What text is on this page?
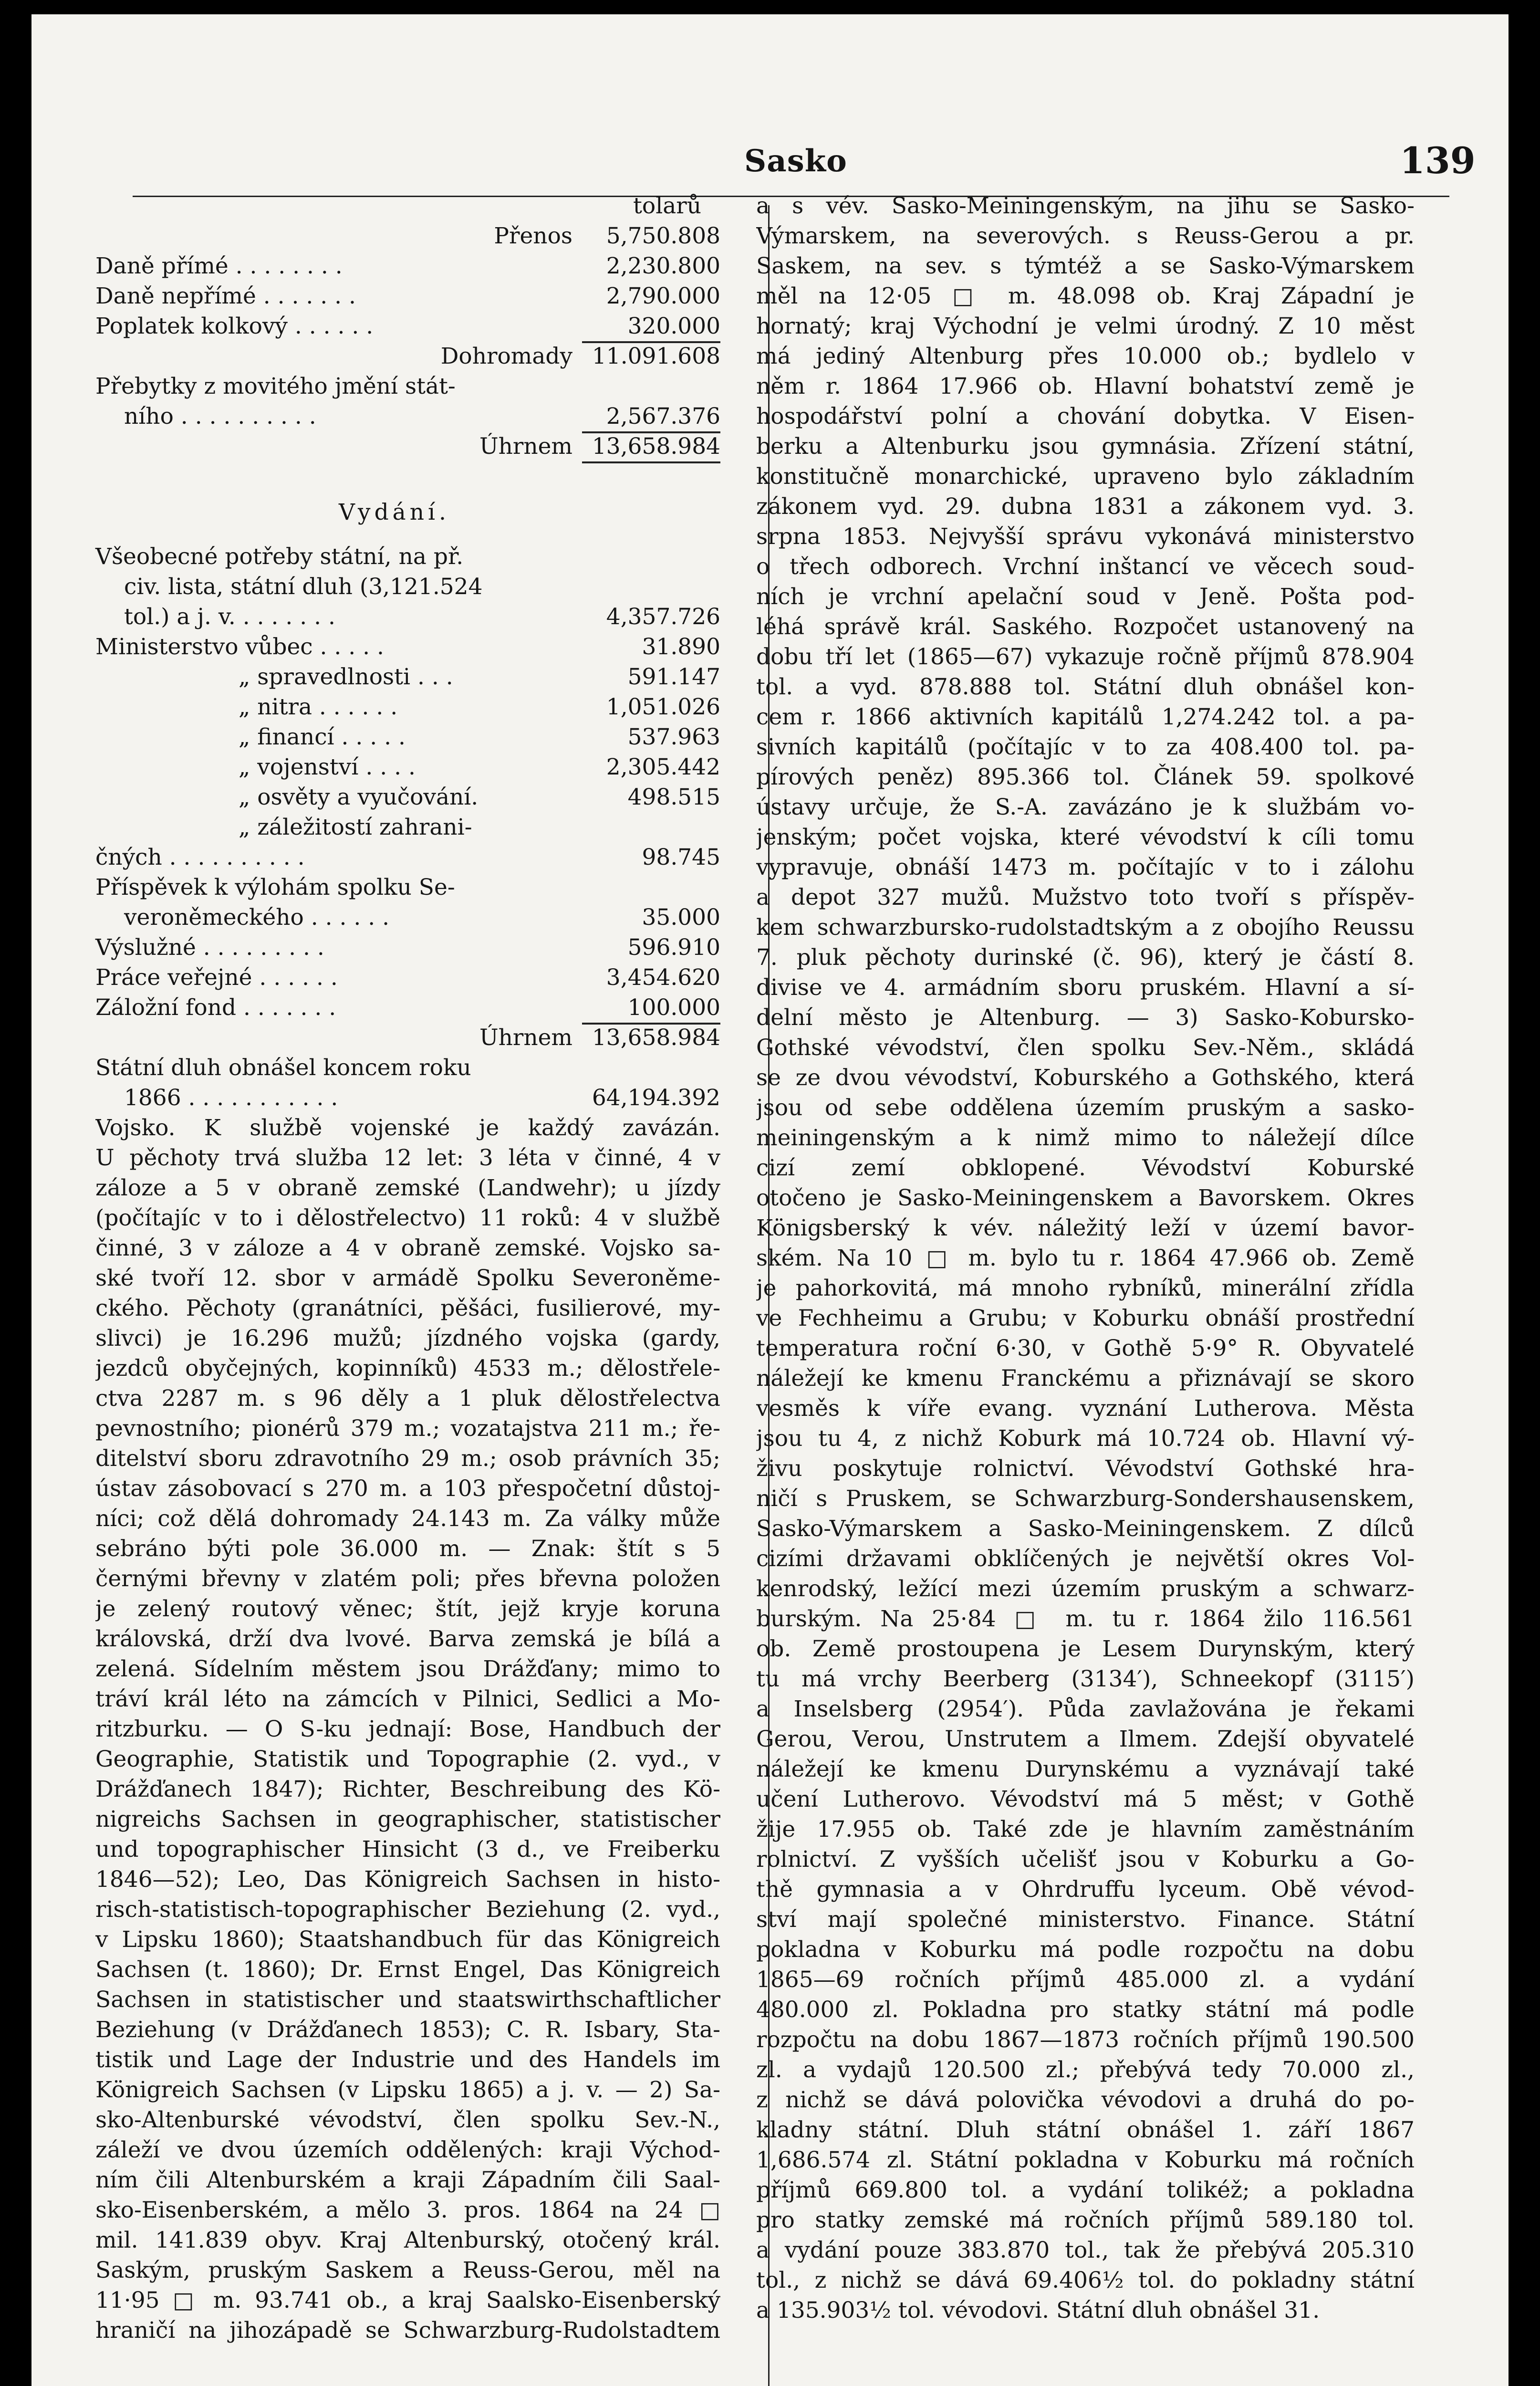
Sasko	139
tolarů
Přenos	5,750.808
Daně přímé . . . . . . . .	2,230.800
Daně nepřímé . . . . . . .	2,790.000
Poplatek kolkový . . . . . .	320.000
Dohromady 11.091.608
Přebytky z movitého jmění stát-
ního . . . . . . . . . .	2,567.376
Úhrnem 13,658.984
Vydání.
Všeobecné potřeby státní, na př.
civ. lista, státní dluh (3,121.524
tol.) a j. v. . . . . . . .	4,357.726
Ministerstvo vůbec . . . . .	31.890
„ spravedlnosti . . .	591.147
„ nitra . . . . . .	1,051.026
„ financí . . . . .	537.963
„ vojenství . . . .	2,305.442
„ osvěty a vyučování.	498.515
„ záležitostí zahrani-
čných . . . . . . . . . .	98.745
Příspěvek k výlohám spolku Se-
veroněmeckého . . . . . .	35.000
Výslužné . . . . . . . . .	596.910
Práce veřejné . . . . . .	3,454.620
Záložní fond . . . . . . .	100.000
Úhrnem 13,658.984
Státní dluh obnášel koncem roku
1866 . . . . . . . . . . .	64,194.392
Vojsko. K službě vojenské je každý zavázán.
U pěchoty trvá služba 12 let: 3 léta v činné, 4 v
záloze a 5 v obraně zemské (Landwehr); u jízdy
(počítajíc v to i dělostřelectvo) 11 roků: 4 v službě
činné, 3 v záloze a 4 v obraně zemské. Vojsko sa-
ské tvoří 12. sbor v armádě Spolku Severoněme-
ckého. Pěchoty (granátníci, pěšáci, fusilierové, my-
slivci) je 16.296 mužů; jízdného vojska (gardy,
jezdců obyčejných, kopinníků) 4533 m.; dělostřele-
ctva 2287 m. s 96 děly a 1 pluk dělostřelectva
pevnostního; pionérů 379 m.; vozatajstva 211 m.; ře-
ditelství sboru zdravotního 29 m.; osob právních 35;
ústav zásobovací s 270 m. a 103 přespočetní důstoj-
níci; což dělá dohromady 24.143 m. Za války může
sebráno býti pole 36.000 m. — Znak: štít s 5
černými břevny v zlatém poli; přes břevna položen
je zelený routový věnec; štít, jejž kryje koruna
královská, drží dva lvové. Barva zemská je bílá a
zelená. Sídelním městem jsou Drážďany; mimo to
tráví král léto na zámcích v Pilnici, Sedlici a Mo-
ritzburku. — O S-ku jednají: Bose, Handbuch der
Geographie, Statistik und Topographie (2. vyd., v
Drážďanech 1847); Richter, Beschreibung des Kö-
nigreichs Sachsen in geographischer, statistischer
und topographischer Hinsicht (3 d., ve Freiberku
1846—52); Leo, Das Königreich Sachsen in histo-
risch-statistisch-topographischer Beziehung (2. vyd.,
v Lipsku 1860); Staatshandbuch für das Königreich
Sachsen (t. 1860); Dr. Ernst Engel, Das Königreich
Sachsen in statistischer und staatswirthschaftlicher
Beziehung (v Drážďanech 1853); C. R. Isbary, Sta-
tistik und Lage der Industrie und des Handels im
Königreich Sachsen (v Lipsku 1865) a j. v. — 2) Sa-
sko-Altenburské vévodství, člen spolku Sev.-N.,
záleží ve dvou územích oddělených: kraji Východ-
ním čili Altenburském a kraji Západním čili Saal-
sko-Eisenberském, a mělo 3. pros. 1864 na 24 □
mil. 141.839 obyv. Kraj Altenburský, otočený král.
Saským, pruským Saskem a Reuss-Gerou, měl na
11·95 □ m. 93.741 ob., a kraj Saalsko-Eisenberský
hraničí na jihozápadě se Schwarzburg-Rudolstadtem
a s vév. Sasko-Meiningenským, na jihu se Sasko-
Výmarskem, na severových. s Reuss-Gerou a pr.
Saskem, na sev. s týmtéž a se Sasko-Výmarskem
měl na 12·05 □ m. 48.098 ob. Kraj Západní je
hornatý; kraj Východní je velmi úrodný. Z 10 měst
má jediný Altenburg přes 10.000 ob.; bydlelo v
něm r. 1864 17.966 ob. Hlavní bohatství země je
hospodářství polní a chování dobytka. V Eisen-
berku a Altenburku jsou gymnásia. Zřízení státní,
konstitučně monarchické, upraveno bylo základním
zákonem vyd. 29. dubna 1831 a zákonem vyd. 3.
srpna 1853. Nejvyšší správu vykonává ministerstvo
o třech odborech. Vrchní inštancí ve věcech soud-
ních je vrchní apelační soud v Jeně. Pošta pod-
léhá správě král. Saského. Rozpočet ustanovený na
dobu tří let (1865—67) vykazuje ročně příjmů 878.904
tol. a vyd. 878.888 tol. Státní dluh obnášel kon-
cem r. 1866 aktivních kapitálů 1,274.242 tol. a pa-
sivních kapitálů (počítajíc v to za 408.400 tol. pa-
pírových peněz) 895.366 tol. Článek 59. spolkové
ústavy určuje, že S.-A. zavázáno je k službám vo-
jenským; počet vojska, které vévodství k cíli tomu
vypravuje, obnáší 1473 m. počítajíc v to i zálohu
a depot 327 mužů. Mužstvo toto tvoří s příspěv-
kem schwarzbursko-rudolstadtským a z obojího Reussu
7. pluk pěchoty durinské (č. 96), který je částí 8.
divise ve 4. armádním sboru pruském. Hlavní a sí-
delní město je Altenburg. — 3) Sasko-Kobursko-
Gothské vévodství, člen spolku Sev.-Něm., skládá
se ze dvou vévodství, Koburského a Gothského, která
jsou od sebe oddělena územím pruským a sasko-
meiningenským a k nimž mimo to náležejí dílce
cizí zemí obklopené. Vévodství Koburské
otočeno je Sasko-Meiningenskem a Bavorskem. Okres
Königsberský k vév. náležitý leží v území bavor-
ském. Na 10 □ m. bylo tu r. 1864 47.966 ob. Země
je pahorkovitá, má mnoho rybníků, minerální zřídla
ve Fechheimu a Grubu; v Koburku obnáší prostřední
temperatura roční 6·30, v Gothě 5·9° R. Obyvatelé
náležejí ke kmenu Franckému a přiznávají se skoro
vesměs k víře evang. vyznání Lutherova. Města
jsou tu 4, z nichž Koburk má 10.724 ob. Hlavní vý-
živu poskytuje rolnictví. Vévodství Gothské hra-
ničí s Pruskem, se Schwarzburg-Sondershausenskem,
Sasko-Výmarskem a Sasko-Meiningenskem. Z dílců
cizími državami obklíčených je největší okres Vol-
kenrodský, ležící mezi územím pruským a schwarz-
burským. Na 25·84 □ m. tu r. 1864 žilo 116.561
ob. Země prostoupena je Lesem Durynským, který
tu má vrchy Beerberg (3134′), Schneekopf (3115′)
a Inselsberg (2954′). Půda zavlažována je řekami
Gerou, Verou, Unstrutem a Ilmem. Zdejší obyvatelé
náležejí ke kmenu Durynskému a vyznávají také
učení Lutherovo. Vévodství má 5 měst; v Gothě
žije 17.955 ob. Také zde je hlavním zaměstnáním
rolnictví. Z vyšších učelišť jsou v Koburku a Go-
thě gymnasia a v Ohrdruffu lyceum. Obě vévod-
ství mají společné ministerstvo. Finance. Státní
pokladna v Koburku má podle rozpočtu na dobu
1865—69 ročních příjmů 485.000 zl. a vydání
480.000 zl. Pokladna pro statky státní má podle
rozpočtu na dobu 1867—1873 ročních příjmů 190.500
zl. a vydajů 120.500 zl.; přebývá tedy 70.000 zl.,
z nichž se dává polovička vévodovi a druhá do po-
kladny státní. Dluh státní obnášel 1. září 1867
1,686.574 zl. Státní pokladna v Koburku má ročních
příjmů 669.800 tol. a vydání tolikéž; a pokladna
pro statky zemské má ročních příjmů 589.180 tol.
a vydání pouze 383.870 tol., tak že přebývá 205.310
tol., z nichž se dává 69.406½ tol. do pokladny státní
a 135.903½ tol. vévodovi. Státní dluh obnášel 31.
